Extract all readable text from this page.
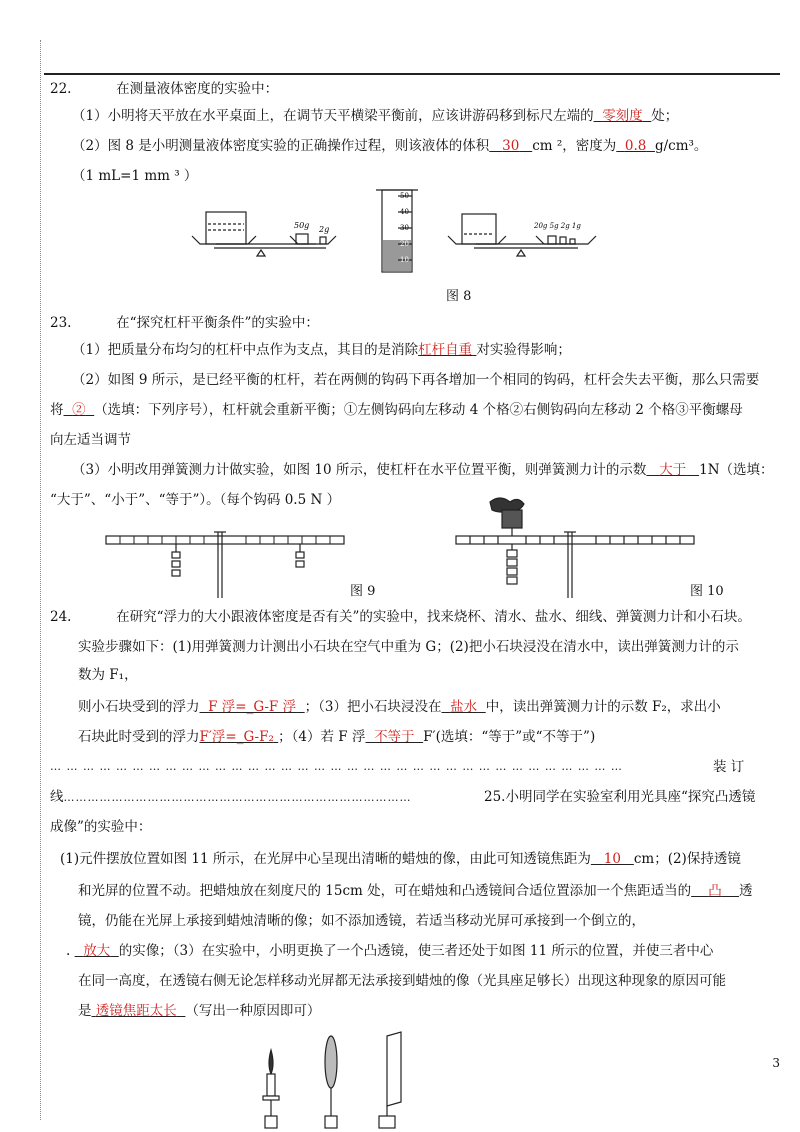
22.	在测量液体密度的实验中：
（1）小明将天平放在水平桌面上，在调节天平横梁平衡前，应该讲游码移到标尺左端的 零刻度 处；
（2）图 8 是小明测量液体密度实验的正确操作过程，则该液体的体积 30 cm ²，密度为 0.8 g/cm³。
（1 mL=1 mm ³ ）
50g 2g
50
40
30
20
10
20g 5g 2g 1g
图 8
23.	在“探究杠杆平衡条件”的实验中：
（1）把质量分布均匀的杠杆中点作为支点，其目的是消除杠杆自重 对实验得影响；
（2）如图 9 所示，是已经平衡的杠杆，若在两侧的钩码下再各增加一个相同的钩码，杠杆会失去平衡，那么只需要
将 ② （选填：下列序号），杠杆就会重新平衡；①左侧钩码向左移动 4 个格②右侧钩码向左移动 2 个格③平衡螺母
向左适当调节
（3）小明改用弹簧测力计做实验，如图 10 所示，使杠杆在水平位置平衡，则弹簧测力计的示数 大于 1N（选填：
“大于”、“小于”、“等于”）。（每个钩码 0.5 N ）
图 9	图 10
24.	在研究“浮力的大小跟液体密度是否有关”的实验中，找来烧杯、清水、盐水、细线、弹簧测力计和小石块。
实验步骤如下：(1)用弹簧测力计测出小石块在空气中重为 G；(2)把小石块浸没在清水中，读出弹簧测力计的示
数为 F₁，
则小石块受到的浮力 F 浮=_G-F 浮 ；（3）把小石块浸没在 盐水 中，读出弹簧测力计的示数 F₂，求出小
石块此时受到的浮力F′浮=_G-F₂ ；（4）若 F 浮 不等于 F′(选填：“等于”或“不等于”)
… … … … … … … … … … … … … … … … … … … … … … … … … … … … … … … … … … …	装 订
线……………………………………………………………………………	25.小明同学在实验室利用光具座“探究凸透镜
成像”的实验中：
(1)元件摆放位置如图 11 所示，在光屏中心呈现出清晰的蜡烛的像，由此可知透镜焦距为 10 cm；(2)保持透镜
和光屏的位置不动。把蜡烛放在刻度尺的 15cm 处，可在蜡烛和凸透镜间合适位置添加一个焦距适当的 凸 透
镜，仍能在光屏上承接到蜡烛清晰的像；如不添加透镜，若适当移动光屏可承接到一个倒立的，
. 放大 的实像；（3）在实验中，小明更换了一个凸透镜，使三者还处于如图 11 所示的位置，并使三者中心
在同一高度，在透镜右侧无论怎样移动光屏都无法承接到蜡烛的像（光具座足够长）出现这种现象的原因可能
是 透镜焦距太长 （写出一种原因即可）
3
